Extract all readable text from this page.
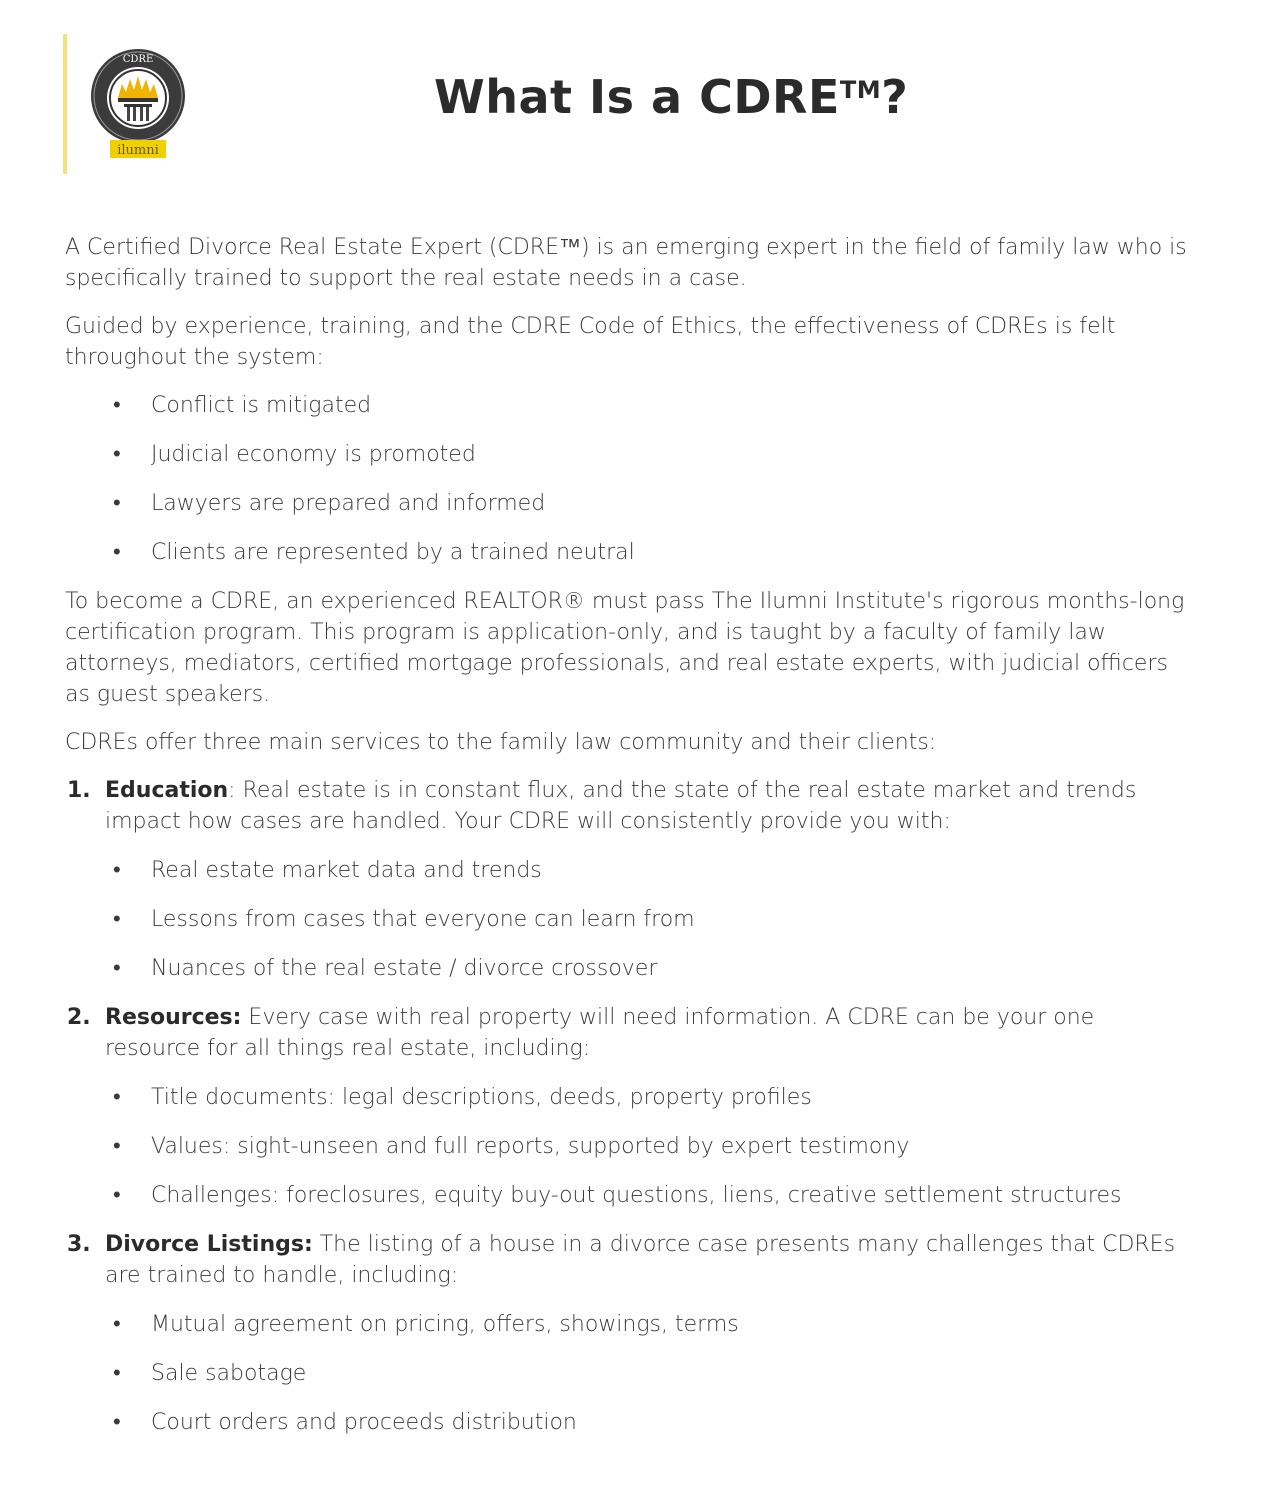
CDRE
ilumni
What Is a CDRE™?

A Certified Divorce Real Estate Expert (CDRE™) is an emerging expert in the field of family law who is specifically trained to support the real estate needs in a case.

Guided by experience, training, and the CDRE Code of Ethics, the effectiveness of CDREs is felt throughout the system:

• Conflict is mitigated
• Judicial economy is promoted
• Lawyers are prepared and informed
• Clients are represented by a trained neutral

To become a CDRE, an experienced REALTOR® must pass The Ilumni Institute's rigorous months-long certification program. This program is application-only, and is taught by a faculty of family law attorneys, mediators, certified mortgage professionals, and real estate experts, with judicial officers as guest speakers.

CDREs offer three main services to the family law community and their clients:

1. Education: Real estate is in constant flux, and the state of the real estate market and trends impact how cases are handled. Your CDRE will consistently provide you with:
• Real estate market data and trends
• Lessons from cases that everyone can learn from
• Nuances of the real estate / divorce crossover
2. Resources: Every case with real property will need information. A CDRE can be your one resource for all things real estate, including:
• Title documents: legal descriptions, deeds, property profiles
• Values: sight-unseen and full reports, supported by expert testimony
• Challenges: foreclosures, equity buy-out questions, liens, creative settlement structures
3. Divorce Listings: The listing of a house in a divorce case presents many challenges that CDREs are trained to handle, including:
• Mutual agreement on pricing, offers, showings, terms
• Sale sabotage
• Court orders and proceeds distribution
